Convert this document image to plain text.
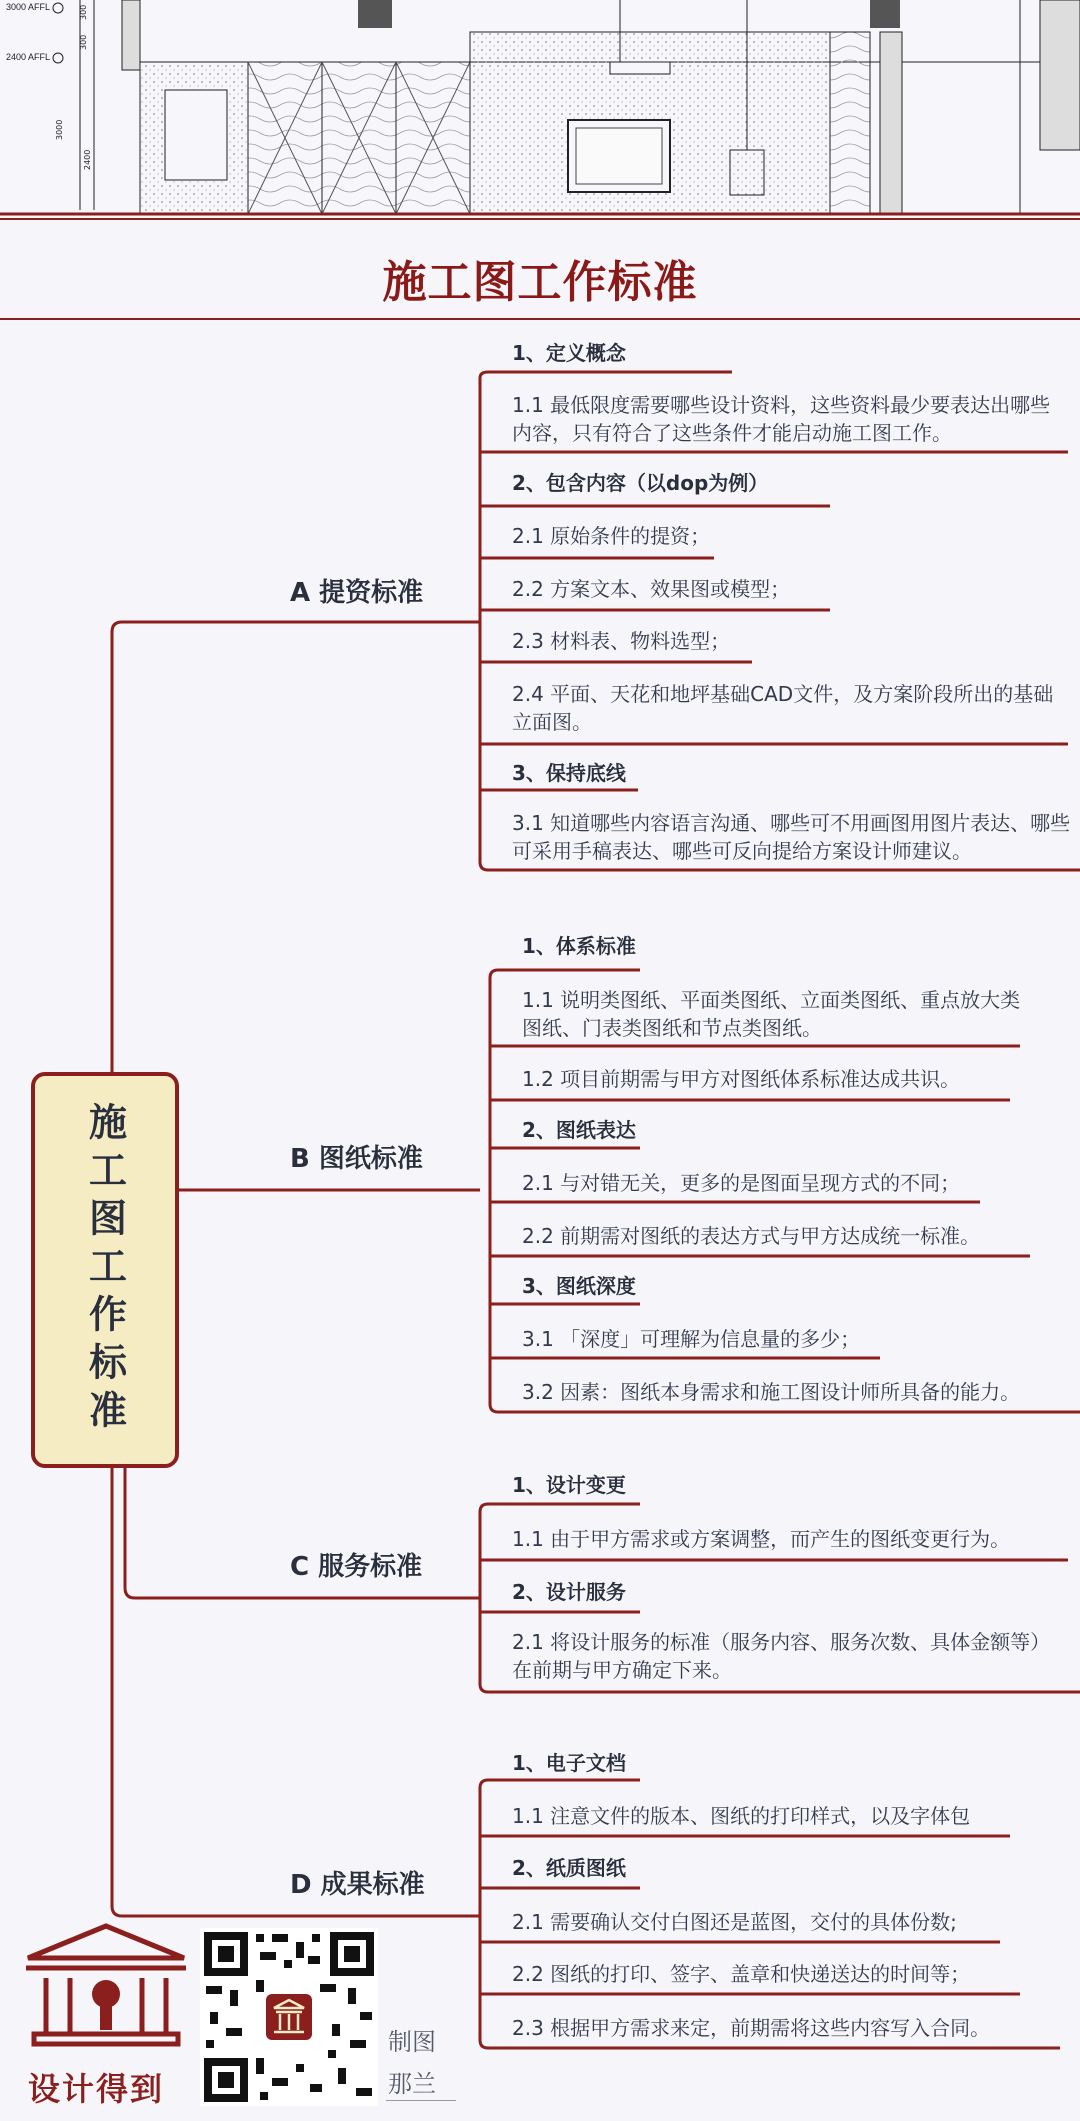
3000 AFFL
2400 AFFL
300
300
3000
2400
施工图工作标准
施工图工作标准
A 提资标准
B 图纸标准
C 服务标准
D 成果标准
1、定义概念
1.1 最低限度需要哪些设计资料，这些资料最少要表达出哪些内容，只有符合了这些条件才能启动施工图工作。
2、包含内容（以dop为例）
2.1 原始条件的提资；
2.2 方案文本、效果图或模型；
2.3 材料表、物料选型；
2.4 平面、天花和地坪基础CAD文件，及方案阶段所出的基础立面图。
3、保持底线
3.1 知道哪些内容语言沟通、哪些可不用画图用图片表达、哪些可采用手稿表达、哪些可反向提给方案设计师建议。
1、体系标准
1.1 说明类图纸、平面类图纸、立面类图纸、重点放大类图纸、门表类图纸和节点类图纸。
1.2 项目前期需与甲方对图纸体系标准达成共识。
2、图纸表达
2.1 与对错无关，更多的是图面呈现方式的不同；
2.2 前期需对图纸的表达方式与甲方达成统一标准。
3、图纸深度
3.1 「深度」可理解为信息量的多少；
3.2 因素：图纸本身需求和施工图设计师所具备的能力。
1、设计变更
1.1 由于甲方需求或方案调整，而产生的图纸变更行为。
2、设计服务
2.1 将设计服务的标准（服务内容、服务次数、具体金额等）在前期与甲方确定下来。
1、电子文档
1.1 注意文件的版本、图纸的打印样式，以及字体包
2、纸质图纸
2.1 需要确认交付白图还是蓝图，交付的具体份数;
2.2 图纸的打印、签字、盖章和快递送达的时间等；
2.3 根据甲方需求来定，前期需将这些内容写入合同。
设计得到
制图
那兰
